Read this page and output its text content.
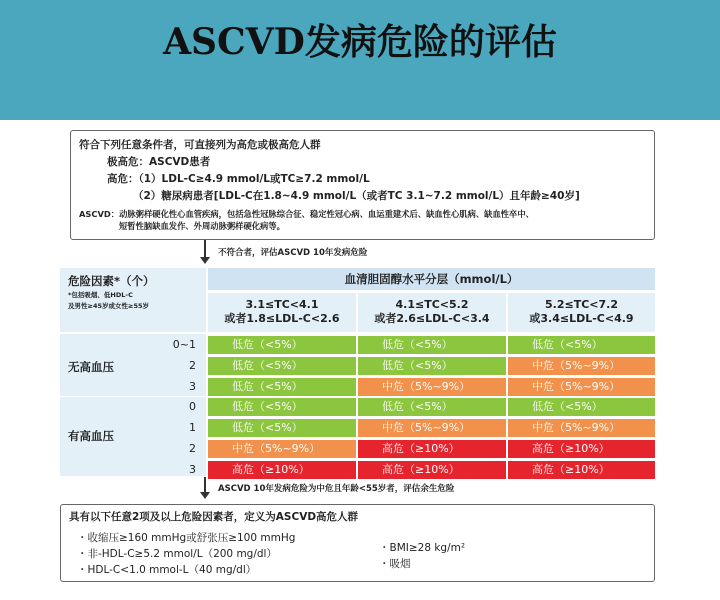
ASCVD发病危险的评估
符合下列任意条件者，可直接列为高危或极高危人群
极高危：ASCVD患者
高危：（1）LDL-C≥4.9 mmol/L或TC≥7.2 mmol/L
（2）糖尿病患者[LDL-C在1.8~4.9 mmol/L（或者TC 3.1~7.2 mmol/L）且年龄≥40岁]
ASCVD：动脉粥样硬化性心血管疾病，包括急性冠脉综合征、稳定性冠心病、血运重建术后、缺血性心肌病、缺血性卒中、
短暂性脑缺血发作、外周动脉粥样硬化病等。
不符合者，评估ASCVD 10年发病危险
危险因素*（个）
*包括吸烟、低HDL-C
及男性≥45岁或女性≥55岁
血清胆固醇水平分层（mmol/L）
3.1≤TC<4.1
或者1.8≤LDL-C<2.6
4.1≤TC<5.2
或者2.6≤LDL-C<3.4
5.2≤TC<7.2
或3.4≤LDL-C<4.9
无高血压
有高血压
0~1	低危（<5%）	低危（<5%）	低危（<5%）
2	低危（<5%）	低危（<5%）	中危（5%~9%）
3	低危（<5%）	中危（5%~9%）	中危（5%~9%）
0	低危（<5%）	低危（<5%）	低危（<5%）
1	低危（<5%）	中危（5%~9%）	中危（5%~9%）
2	中危（5%~9%）	高危（≥10%）	高危（≥10%）
3	高危（≥10%）	高危（≥10%）	高危（≥10%）
ASCVD 10年发病危险为中危且年龄<55岁者，评估余生危险
具有以下任意2项及以上危险因素者，定义为ASCVD高危人群
・收缩压≥160 mmHg或舒张压≥100 mmHg
・非-HDL-C≥5.2 mmol/L（200 mg/dl）
・HDL-C<1.0 mmol-L（40 mg/dl）
・BMI≥28 kg/m²
・吸烟
